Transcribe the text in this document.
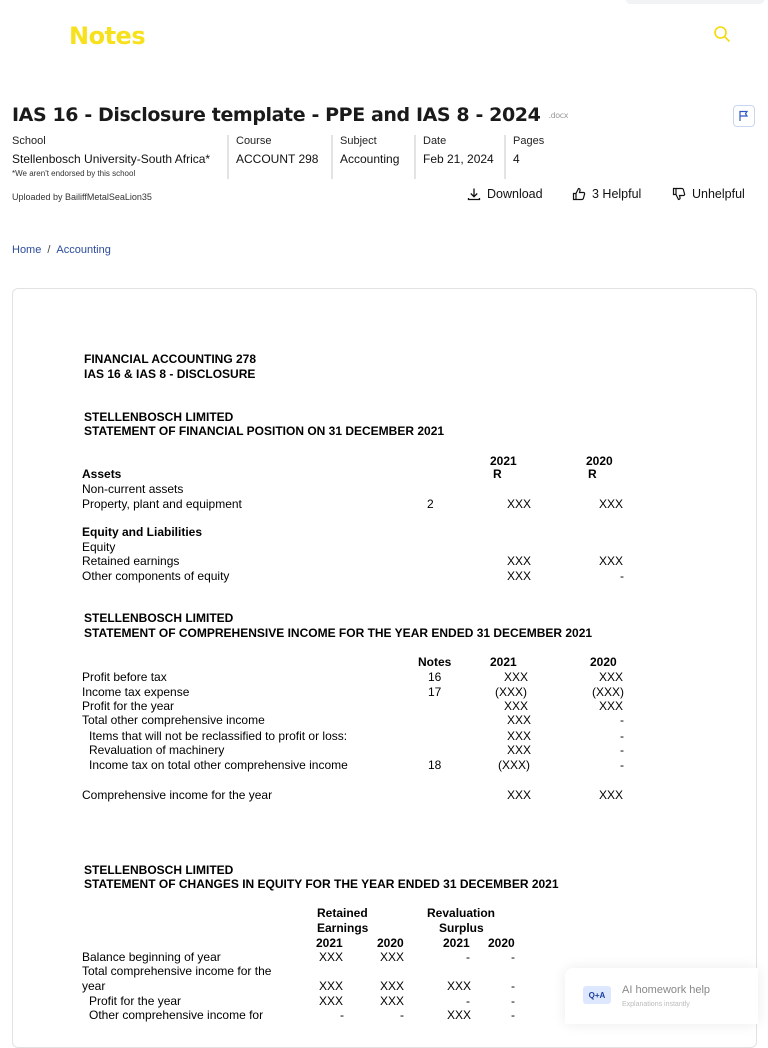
Notes
IAS 16 - Disclosure template - PPE and IAS 8 - 2024 .docx
School
Stellenbosch University-South Africa*
*We aren't endorsed by this school
Course
ACCOUNT 298
Subject
Accounting
Date
Feb 21, 2024
Pages
4
Uploaded by BailiffMetalSeaLion35	Download	3 Helpful	Unhelpful
Home / Accounting
FINANCIAL ACCOUNTING 278
IAS 16 & IAS 8 - DISCLOSURE
STELLENBOSCH LIMITED
STATEMENT OF FINANCIAL POSITION ON 31 DECEMBER 2021
2021	2020
Assets	R	R
Non-current assets
Property, plant and equipment	2	XXX	XXX
Equity and Liabilities
Equity
Retained earnings	XXX	XXX
Other components of equity	XXX	-
STELLENBOSCH LIMITED
STATEMENT OF COMPREHENSIVE INCOME FOR THE YEAR ENDED 31 DECEMBER 2021
Notes	2021	2020
Profit before tax	16	XXX	XXX
Income tax expense	17	(XXX)	(XXX)
Profit for the year	XXX	XXX
Total other comprehensive income	XXX	-
Items that will not be reclassified to profit or loss:	XXX	-
Revaluation of machinery	XXX	-
Income tax on total other comprehensive income	18	(XXX)	-
Comprehensive income for the year	XXX	XXX
STELLENBOSCH LIMITED
STATEMENT OF CHANGES IN EQUITY FOR THE YEAR ENDED 31 DECEMBER 2021
Retained
Earnings
Revaluation
Surplus
2021	2020	2021 2020
Balance beginning of year	XXX	XXX	-	-
Total comprehensive income for the
year	XXX	XXX	XXX	-
Profit for the year	XXX	XXX	-	-
Other comprehensive income for	-	-	XXX	-
Q+A	AI homework help
Explanations instantly
